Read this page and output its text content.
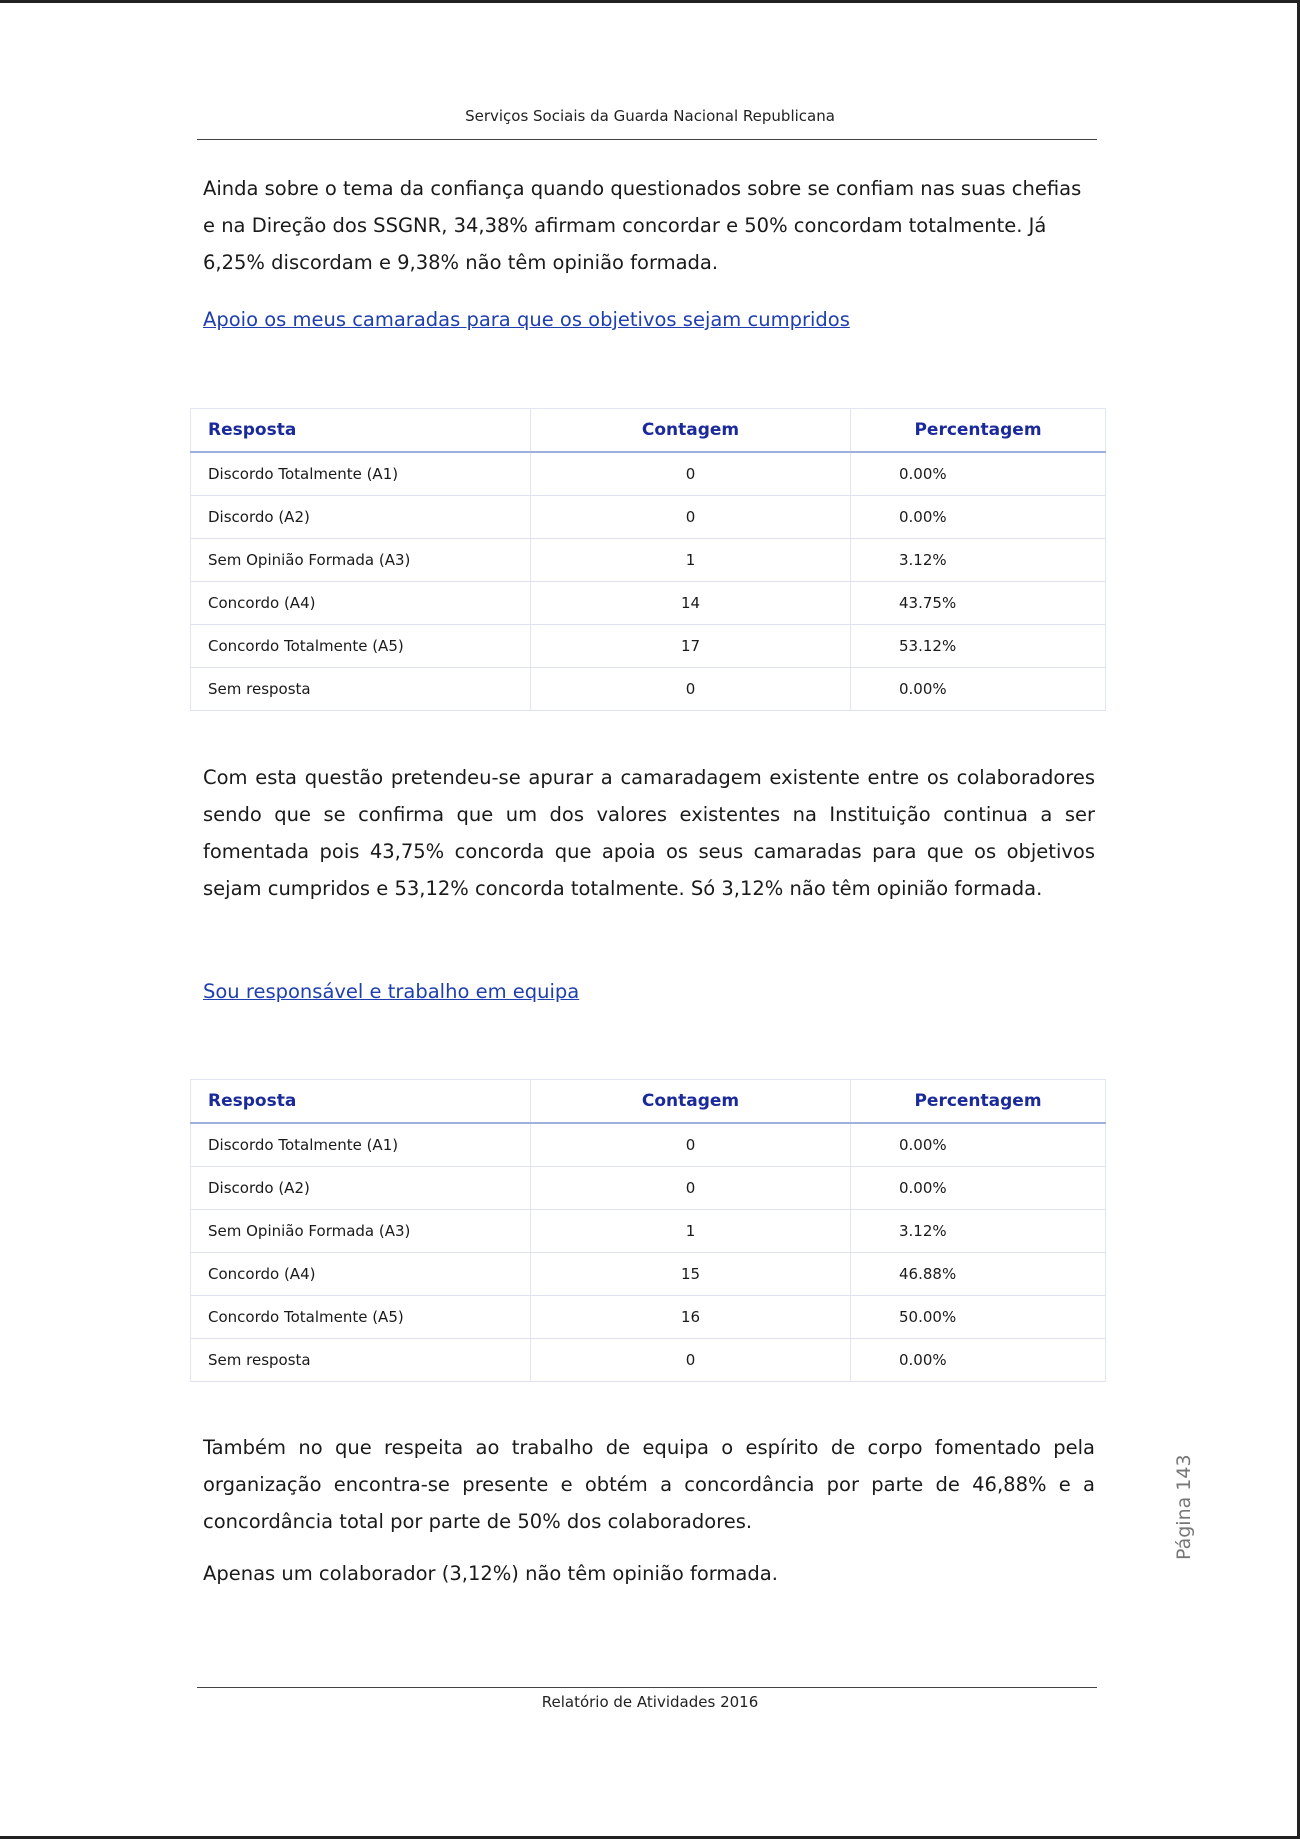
Serviços Sociais da Guarda Nacional Republicana
Ainda sobre o tema da confiança quando questionados sobre se confiam nas suas chefias e na Direção dos SSGNR, 34,38% afirmam concordar e 50% concordam totalmente. Já 6,25% discordam e 9,38% não têm opinião formada.
Apoio os meus camaradas para que os objetivos sejam cumpridos
Resposta	Contagem	Percentagem
Discordo Totalmente (A1)	0	0.00%
Discordo (A2)	0	0.00%
Sem Opinião Formada (A3)	1	3.12%
Concordo (A4)	14	43.75%
Concordo Totalmente (A5)	17	53.12%
Sem resposta	0	0.00%
Com esta questão pretendeu-se apurar a camaradagem existente entre os colaboradores sendo que se confirma que um dos valores existentes na Instituição continua a ser fomentada pois 43,75% concorda que apoia os seus camaradas para que os objetivos sejam cumpridos e 53,12% concorda totalmente. Só 3,12% não têm opinião formada.
Sou responsável e trabalho em equipa
Resposta	Contagem	Percentagem
Discordo Totalmente (A1)	0	0.00%
Discordo (A2)	0	0.00%
Sem Opinião Formada (A3)	1	3.12%
Concordo (A4)	15	46.88%
Concordo Totalmente (A5)	16	50.00%
Sem resposta	0	0.00%
Também no que respeita ao trabalho de equipa o espírito de corpo fomentado pela organização encontra-se presente e obtém a concordância por parte de 46,88% e a concordância total por parte de 50% dos colaboradores.
Apenas um colaborador (3,12%) não têm opinião formada.
Página 143
Relatório de Atividades 2016
